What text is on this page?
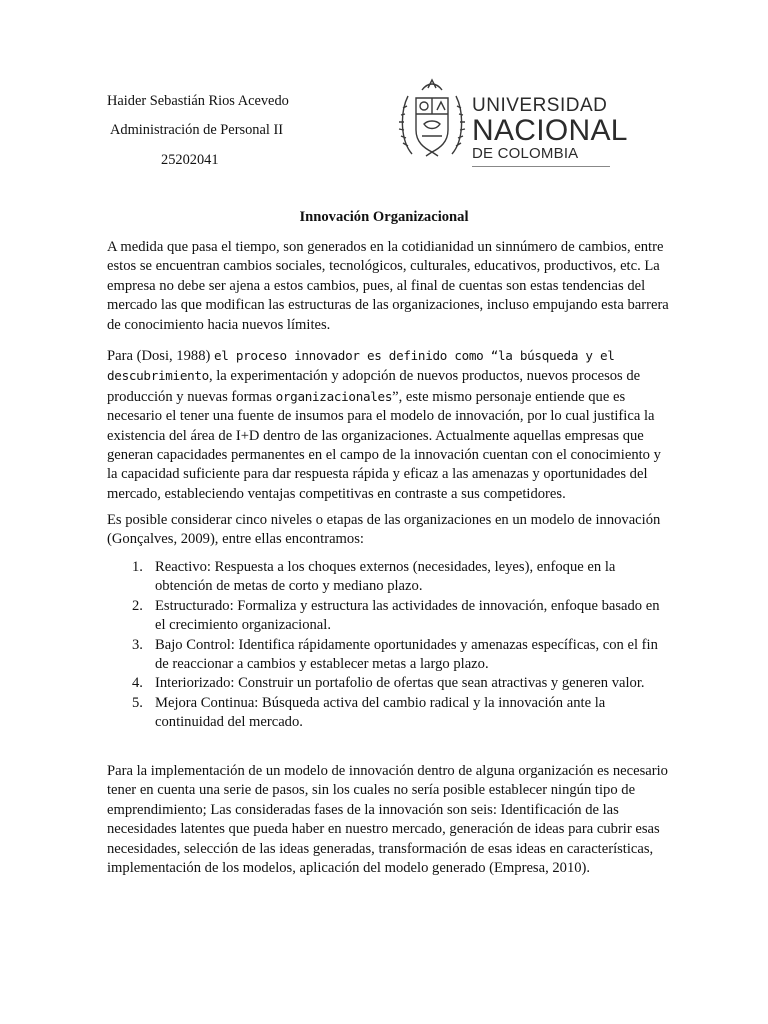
Haider Sebastián Rios Acevedo
Administración de Personal II
25202041
UNIVERSIDAD
NACIONAL
DE COLOMBIA
Innovación Organizacional

A medida que pasa el tiempo, son generados en la cotidianidad un sinnúmero de cambios, entre estos se encuentran cambios sociales, tecnológicos, culturales, educativos, productivos, etc. La empresa no debe ser ajena a estos cambios, pues, al final de cuentas son estas tendencias del mercado las que modifican las estructuras de las organizaciones, incluso empujando esta barrera de conocimiento hacia nuevos límites.

Para (Dosi, 1988) el proceso innovador es definido como “la búsqueda y el descubrimiento, la experimentación y adopción de nuevos productos, nuevos procesos de producción y nuevas formas organizacionales”, este mismo personaje entiende que es necesario el tener una fuente de insumos para el modelo de innovación, por lo cual justifica la existencia del área de I+D dentro de las organizaciones. Actualmente aquellas empresas que generan capacidades permanentes en el campo de la innovación cuentan con el conocimiento y la capacidad suficiente para dar respuesta rápida y eficaz a las amenazas y oportunidades del mercado, estableciendo ventajas competitivas en contraste a sus competidores.

Es posible considerar cinco niveles o etapas de las organizaciones en un modelo de innovación (Gonçalves, 2009), entre ellas encontramos:

1. Reactivo: Respuesta a los choques externos (necesidades, leyes), enfoque en la obtención de metas de corto y mediano plazo.
2. Estructurado: Formaliza y estructura las actividades de innovación, enfoque basado en el crecimiento organizacional.
3. Bajo Control: Identifica rápidamente oportunidades y amenazas específicas, con el fin de reaccionar a cambios y establecer metas a largo plazo.
4. Interiorizado: Construir un portafolio de ofertas que sean atractivas y generen valor.
5. Mejora Continua: Búsqueda activa del cambio radical y la innovación ante la continuidad del mercado.

Para la implementación de un modelo de innovación dentro de alguna organización es necesario tener en cuenta una serie de pasos, sin los cuales no sería posible establecer ningún tipo de emprendimiento; Las consideradas fases de la innovación son seis: Identificación de las necesidades latentes que pueda haber en nuestro mercado, generación de ideas para cubrir esas necesidades, selección de las ideas generadas, transformación de esas ideas en características, implementación de los modelos, aplicación del modelo generado (Empresa, 2010).
